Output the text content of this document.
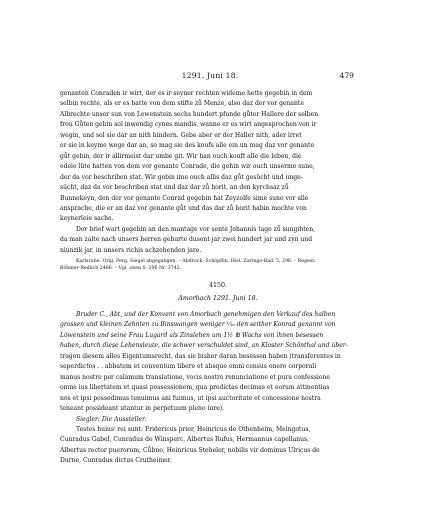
1291. Juni 18.	479
genanten Conraden ir wirt, der es ir seyner rechten wideme hette gegebin in dem
selbin rechte, als er es hatte von dem stifte zů Menze, also daz der vor genante
Albrechte unser sun von Lewenstein sechs hundert pfunde gůter Hallere der selben
frou Gůten gebin sol inwendig cynes mandis, wanne er es wirt angesprochen von ir
wegin, und sol sie dar an nith hindern. Gebe aber er der Haller nith, ader irret
er sie in keyme wege dar an, so mag sie des koufs alle ein un mag daz vor genante
gůt gebin, der ir allirmeist dar umbe git. Wir han ouch kouft alle die leben, die
edele lüte hatten von dem vor genante Conrade, die gehin wir ouch unserme sune,
der da vor beschriben stat. Wir gebin ime ouch allis daz gůt gesücht und unge-
sücht, daz da vor beschriben stat und daz dar zů horit, an den kyrchsaz zů
Bunnekeyn, den der vor genante Conrad gegebin hat Zeyzolfe sime sune vor alle
ansprache, die er an daz vor genante gůt und das dar zů horit habin mochte von
keynerleie sache.
Der brief wart gegebin an den mantage vor sente Johannis tage zů sungihten,
da man zalte nach unsers herren geburte dusent jar zwei hundert jar und zyn und
niunzik jar, in unsers richis achzehenden jare.
Karlsruhe. Orig. Perg. Siegel abgegangen. – Abdruck: Schöpflin, Hist. Zaringo-Bad. 5, 296. – Regest:
Böhmer-Redlich 2466. – Vgl. oben S. 206 Nr. 3742.
4150.
Amorbach 1291. Juni 18.
Bruder C., Abt, und der Konvent von Amorbach genehmigen den Verkauf des halben
grossen und kleinen Zehnten zu Binswangen weniger ¹⁄₁₆ den seither Konrad genannt von
Löwenstein und seine Frau Lugard als Zinslehen um 1½ ℔ Wachs von ihnen besessen
haben, durch diese Lehensleute, die schwer verschuldet sind, an Kloster Schönthal und über-
tragen diesem alles Eigentumsrecht, das sie bisher daran besessen haben (transferentes in
seperdictos . . abbatem et conventum libere et absque omni census onere corporali
manus nostre per calamum translatione, vocis nostre renunciatione et pura confessione
omne ius libertatem et quasi possessionem, qua predictas decimas et eorum attinentias
nos et ipsi possedimus tenuimus ani fuimus, ut ipsi auctoritate et concessione nostra
teneant possideant utantur in perpetuum pleno iure).
Siegler: Die Aussteller.
Testes huius⁾ rei sunt: Fridericus prior, Heinricus de Othenheim, Meingotus,
Cunradus Gabel, Cunradus de Winsperc, Albertus Rufus, Hermannus capellanus,
Albertus rector puerorum, Cůbno, Heinricus Steheler, nobilis vir dominus Ulricus de
Durne, Cunradus dictus Crutheimer.
